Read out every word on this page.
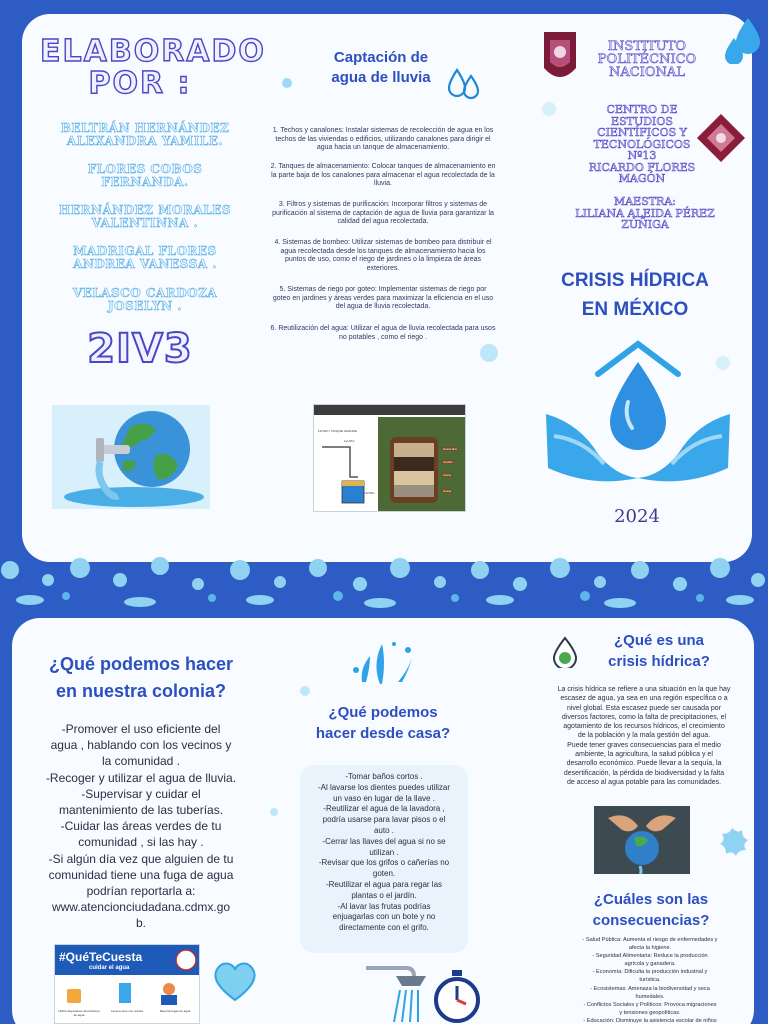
ELABORADO
POR :
BELTRÁN HERNÁNDEZ
ALEXANDRA YAMILE.
FLORES COBOS
FERNANDA.
HERNÁNDEZ MORALES
VALENTINNA .
MADRIGAL FLORES
ANDREA VANESSA .
VELASCO CARDOZA
JOSELYN .
2IV3
Captación de
agua de lluvia
1. Techos y canalones: Instalar sistemas de recolección de agua en los techos de las viviendas o edificios, utilizando canalones para dirigir el agua hacia un tanque de almacenamiento.
2. Tanques de almacenamiento: Colocar tanques de almacenamiento en la parte baja de los canalones para almacenar el agua recolectada de la lluvia.
3. Filtros y sistemas de purificación: Incorporar filtros y sistemas de purificación al sistema de captación de agua de lluvia para garantizar la calidad del agua recolectada.
4. Sistemas de bombeo: Utilizar sistemas de bombeo para distribuir el agua recolectada desde los tanques de almacenamiento hacia los puntos de uso, como el riego de jardines o la limpieza de áreas exteriores.
5. Sistemas de riego por goteo: Implementar sistemas de riego por goteo en jardines y áreas verdes para maximizar la eficiencia en el uso del agua de lluvia recolectada.
6. Reutilización del agua: Utilizar el agua de lluvia recolectada para usos no potables , como el riego .
FILTRO / TANQUE GRANDE
LLUVIA
FILTRO
Grava fina
Carbón
Arena
Grava
INSTITUTO
POLITÉCNICO
NACIONAL
CENTRO DE
ESTUDIOS
CIENTÍFICOS Y
TECNOLÓGICOS
Nº13
RICARDO FLORES
MAGÓN
MAESTRA:
LILIANA ALEIDA PÉREZ
ZÚÑIGA
CRISIS HÍDRICA
EN MÉXICO
2024
¿Qué podemos hacer
en nuestra colonia?
-Promover el uso eficiente del
agua , hablando con los vecinos y
la comunidad .
-Recoger y utilizar el agua de lluvia.
-Supervisar y cuidar el
mantenimiento de las tuberías.
-Cuidar las áreas verdes de tu
comunidad , si las hay .
-Si algún día vez que alguien de tu
comunidad tiene una fuga de agua
podrían reportarla a:
www.atencionciudadana.cdmx.go
b.
#QuéTeCuesta
cuidar el agua
Utiliza dispositivos ahorradores de agua
Lava tu auto con cubeta	Reporta fugas de agua
¿Qué podemos
hacer desde casa?
-Tomar baños cortos .
-Al lavarse los dientes puedes utilizar
un vaso en lugar de la llave .
-Reutilizar el agua de la lavadora ,
podría usarse para lavar pisos o el
auto .
-Cerrar las llaves del agua si no se
utilizan .
-Revisar que los grifos o cañerías no
goten.
-Reutilizar el agua para regar las
plantas o el jardín.
-Al lavar las frutas podrías
enjuagarlas con un bote y no
directamente con el grifo.
¿Qué es una
crisis hídrica?
La crisis hídrica se refiere a una situación en la que hay
escasez de agua, ya sea en una región específica o a
nivel global. Esta escasez puede ser causada por
diversos factores, como la falta de precipitaciones, el
agotamiento de los recursos hídricos, el crecimiento
de la población y la mala gestión del agua.
Puede tener graves consecuencias para el medio
ambiente, la agricultura, la salud pública y el
desarrollo económico. Puede llevar a la sequía, la
desertificación, la pérdida de biodiversidad y la falta
de acceso al agua potable para las comunidades.
¿Cuáles son las
consecuencias?
- Salud Pública: Aumenta el riesgo de enfermedades y
afecta la higiene.
- Seguridad Alimentaria: Reduce la producción
agrícola y ganadera.
- Economía: Dificulta la producción industrial y
turística.
- Ecosistemas: Amenaza la biodiversidad y seca
humedales.
- Conflictos Sociales y Políticos: Provoca migraciones
y tensiones geopolíticas.
- Educación: Disminuye la asistencia escolar de niños
